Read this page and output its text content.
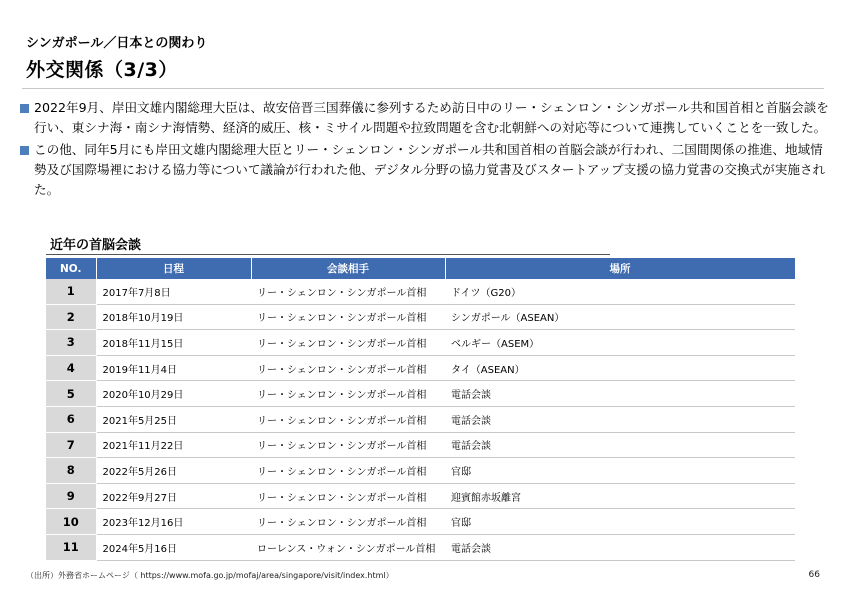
シンガポール／日本との関わり
外交関係（3/3）
2022年9月、岸田文雄内閣総理大臣は、故安倍晋三国葬儀に参列するため訪日中のリー・シェンロン・シンガポール共和国首相と首脳会談を行い、東シナ海・南シナ海情勢、経済的威圧、核・ミサイル問題や拉致問題を含む北朝鮮への対応等について連携していくことを一致した。
この他、同年5月にも岸田文雄内閣総理大臣とリー・シェンロン・シンガポール共和国首相の首脳会談が行われ、二国間関係の推進、地域情勢及び国際場裡における協力等について議論が行われた他、デジタル分野の協力覚書及びスタートアップ支援の協力覚書の交換式が実施された。
近年の首脳会談
NO.	日程	会談相手	場所
1	2017年7月8日	リー・シェンロン・シンガポール首相	ドイツ（G20）
2	2018年10月19日	リー・シェンロン・シンガポール首相	シンガポール（ASEAN）
3	2018年11月15日	リー・シェンロン・シンガポール首相	ベルギー（ASEM）
4	2019年11月4日	リー・シェンロン・シンガポール首相	タイ（ASEAN）
5	2020年10月29日	リー・シェンロン・シンガポール首相	電話会談
6	2021年5月25日	リー・シェンロン・シンガポール首相	電話会談
7	2021年11月22日	リー・シェンロン・シンガポール首相	電話会談
8	2022年5月26日	リー・シェンロン・シンガポール首相	官邸
9	2022年9月27日	リー・シェンロン・シンガポール首相	迎賓館赤坂離宮
10	2023年12月16日	リー・シェンロン・シンガポール首相	官邸
11	2024年5月16日	ローレンス・ウォン・シンガポール首相	電話会談
（出所）外務省ホームページ（ https://www.mofa.go.jp/mofaj/area/singapore/visit/index.html）	66
